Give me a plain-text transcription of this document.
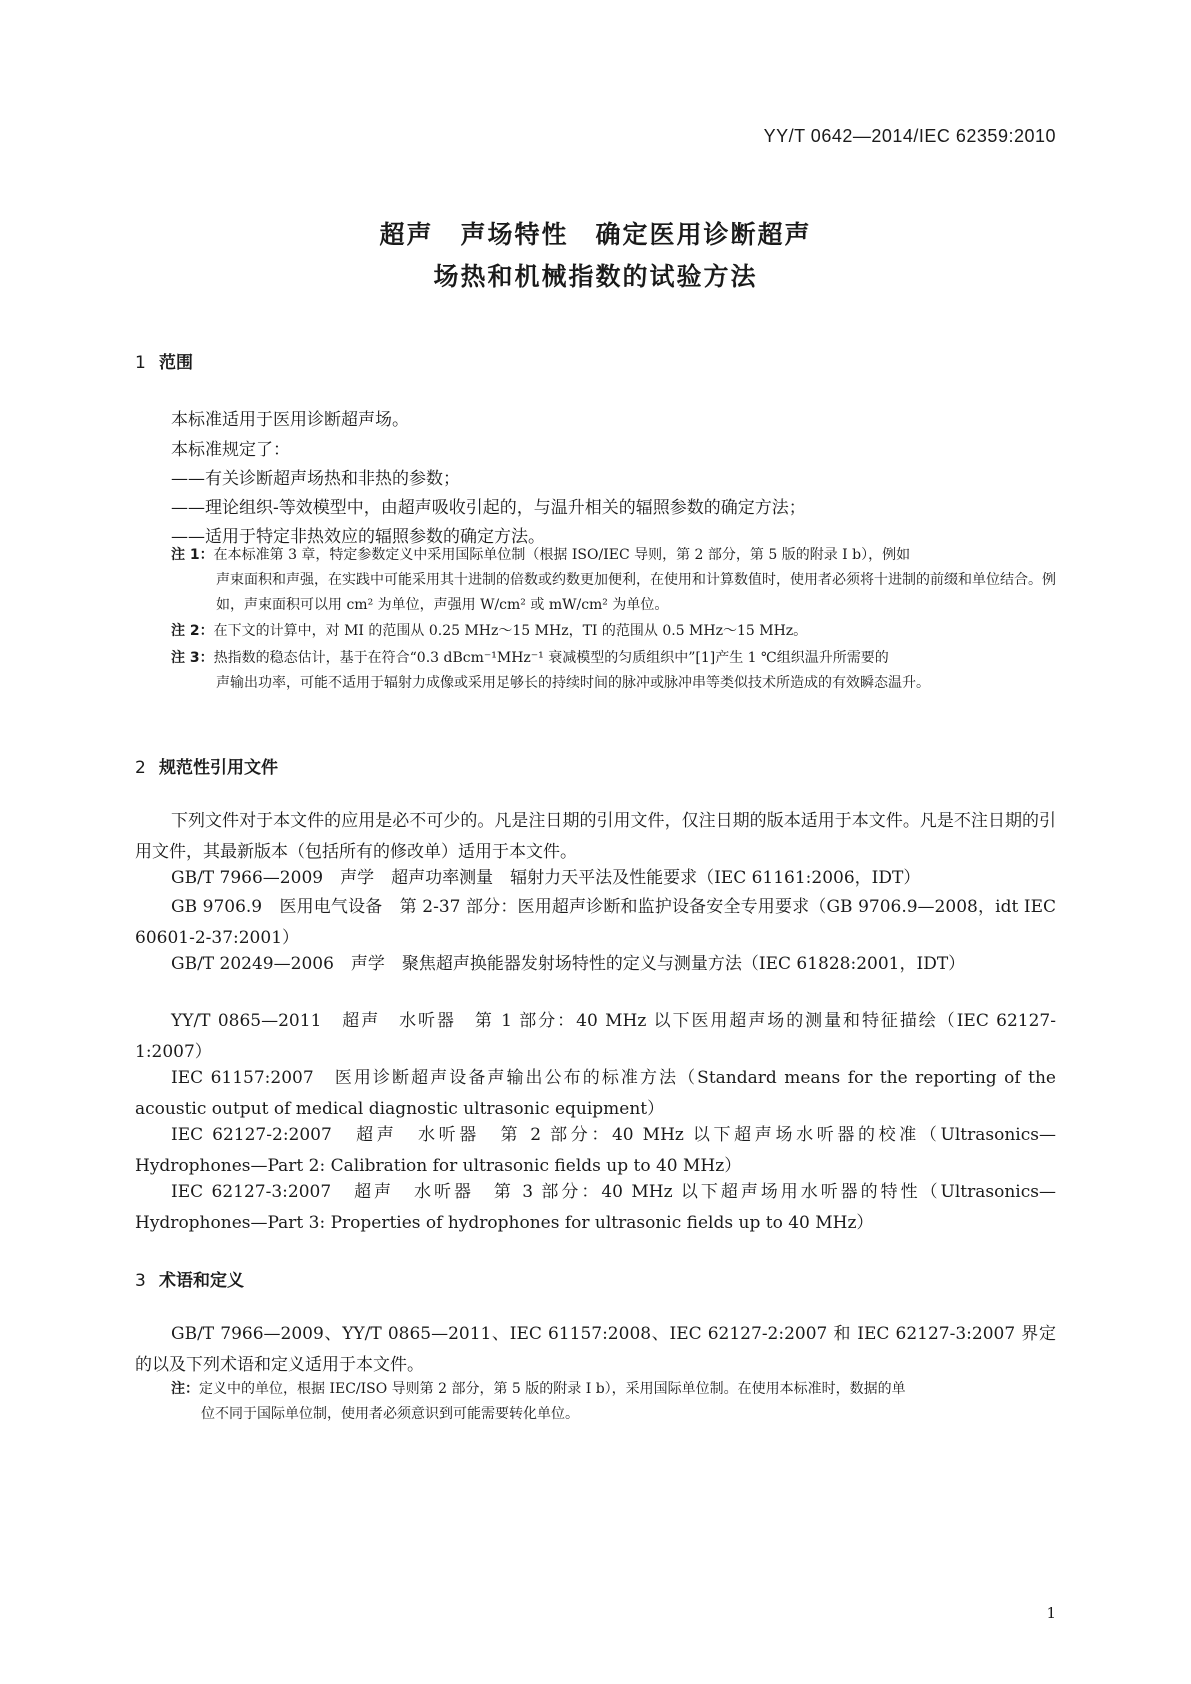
YY/T 0642—2014/IEC 62359:2010
超声　声场特性　确定医用诊断超声
场热和机械指数的试验方法
1 范围
本标准适用于医用诊断超声场。
本标准规定了：
——有关诊断超声场热和非热的参数；
——理论组织-等效模型中，由超声吸收引起的，与温升相关的辐照参数的确定方法；
——适用于特定非热效应的辐照参数的确定方法。
注 1：在本标准第 3 章，特定参数定义中采用国际单位制（根据 ISO/IEC 导则，第 2 部分，第 5 版的附录 Ⅰ b），例如
声束面积和声强，在实践中可能采用其十进制的倍数或约数更加便利，在使用和计算数值时，使用者必须将十进制的前缀和单位结合。例如，声束面积可以用 cm² 为单位，声强用 W/cm² 或 mW/cm² 为单位。
注 2：在下文的计算中，对 MI 的范围从 0.25 MHz～15 MHz，TI 的范围从 0.5 MHz～15 MHz。
注 3：热指数的稳态估计，基于在符合“0.3 dBcm⁻¹MHz⁻¹ 衰减模型的匀质组织中”[1]产生 1 ℃组织温升所需要的
声输出功率，可能不适用于辐射力成像或采用足够长的持续时间的脉冲或脉冲串等类似技术所造成的有效瞬态温升。
2 规范性引用文件
下列文件对于本文件的应用是必不可少的。凡是注日期的引用文件，仅注日期的版本适用于本文件。凡是不注日期的引用文件，其最新版本（包括所有的修改单）适用于本文件。
GB/T 7966—2009　声学　超声功率测量　辐射力天平法及性能要求（IEC 61161:2006，IDT）
GB 9706.9　医用电气设备　第 2-37 部分：医用超声诊断和监护设备安全专用要求（GB 9706.9—2008，idt IEC 60601-2-37:2001）
GB/T 20249—2006　声学　聚焦超声换能器发射场特性的定义与测量方法（IEC 61828:2001，IDT）
YY/T 0865—2011　超声　水听器　第 1 部分：40 MHz 以下医用超声场的测量和特征描绘（IEC 62127-1:2007）
IEC 61157:2007　医用诊断超声设备声输出公布的标准方法（Standard means for the reporting of the acoustic output of medical diagnostic ultrasonic equipment）
IEC 62127-2:2007　超声　水听器　第 2 部分：40 MHz 以下超声场水听器的校准（Ultrasonics—Hydrophones—Part 2: Calibration for ultrasonic fields up to 40 MHz）
IEC 62127-3:2007　超声　水听器　第 3 部分：40 MHz 以下超声场用水听器的特性（Ultrasonics—Hydrophones—Part 3: Properties of hydrophones for ultrasonic fields up to 40 MHz）
3 术语和定义
GB/T 7966—2009、YY/T 0865—2011、IEC 61157:2008、IEC 62127-2:2007 和 IEC 62127-3:2007 界定的以及下列术语和定义适用于本文件。
注：定义中的单位，根据 IEC/ISO 导则第 2 部分，第 5 版的附录 Ⅰ b），采用国际单位制。在使用本标准时，数据的单
位不同于国际单位制，使用者必须意识到可能需要转化单位。
1
